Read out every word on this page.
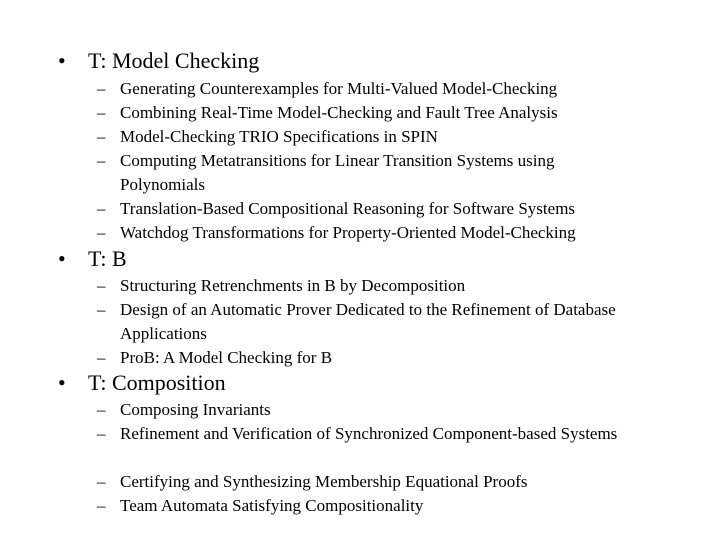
• T: Model Checking
– Generating Counterexamples for Multi-Valued Model-Checking
– Combining Real-Time Model-Checking and Fault Tree Analysis
– Model-Checking TRIO Specifications in SPIN
– Computing Metatransitions for Linear Transition Systems using Polynomials
– Translation-Based Compositional Reasoning for Software Systems
– Watchdog Transformations for Property-Oriented Model-Checking
• T: B
– Structuring Retrenchments in B by Decomposition
– Design of an Automatic Prover Dedicated to the Refinement of Database Applications
– ProB: A Model Checking for B
• T: Composition
– Composing Invariants
– Refinement and Verification of Synchronized Component-based Systems
– Certifying and Synthesizing Membership Equational Proofs
– Team Automata Satisfying Compositionality
